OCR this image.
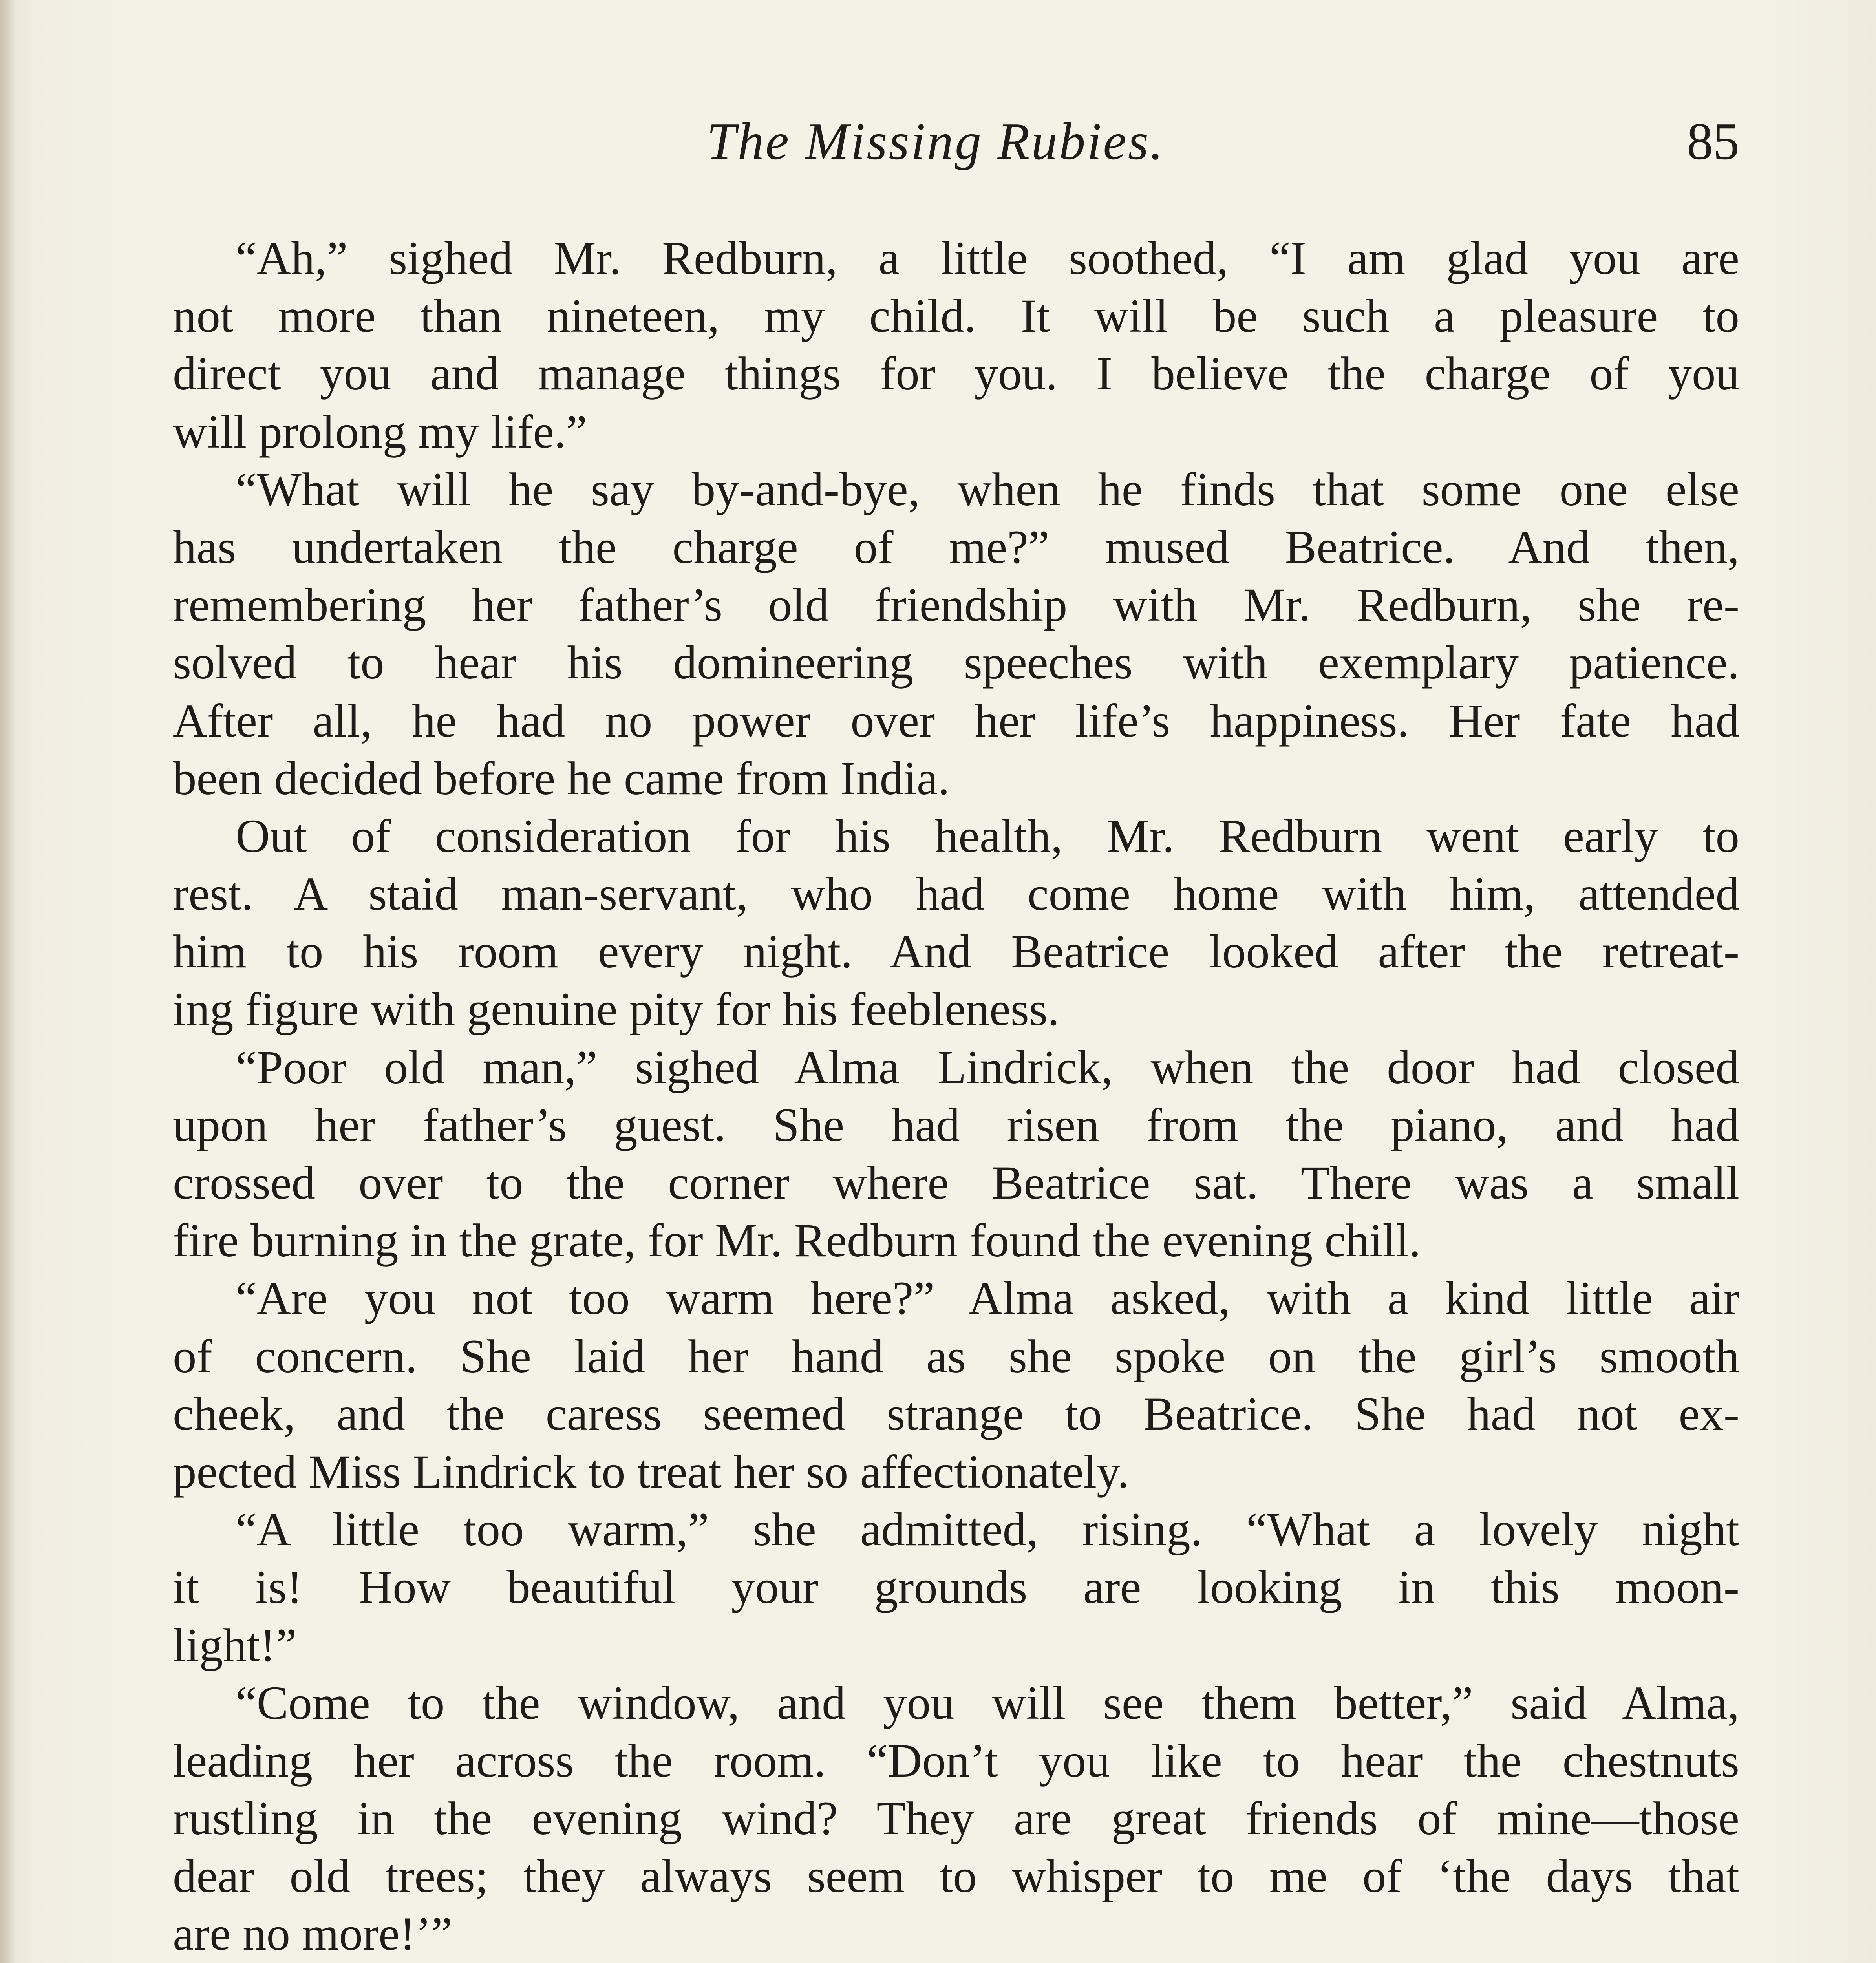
The Missing Rubies.	85
“Ah,” sighed Mr. Redburn, a little soothed, “I am glad you are
not more than nineteen, my child. It will be such a pleasure to
direct you and manage things for you. I believe the charge of you
will prolong my life.”
“What will he say by-and-bye, when he finds that some one else
has undertaken the charge of me?” mused Beatrice. And then,
remembering her father’s old friendship with Mr. Redburn, she re-
solved to hear his domineering speeches with exemplary patience.
After all, he had no power over her life’s happiness. Her fate had
been decided before he came from India.
Out of consideration for his health, Mr. Redburn went early to
rest. A staid man-servant, who had come home with him, attended
him to his room every night. And Beatrice looked after the retreat-
ing figure with genuine pity for his feebleness.
“Poor old man,” sighed Alma Lindrick, when the door had closed
upon her father’s guest. She had risen from the piano, and had
crossed over to the corner where Beatrice sat. There was a small
fire burning in the grate, for Mr. Redburn found the evening chill.
“Are you not too warm here?” Alma asked, with a kind little air
of concern. She laid her hand as she spoke on the girl’s smooth
cheek, and the caress seemed strange to Beatrice. She had not ex-
pected Miss Lindrick to treat her so affectionately.
“A little too warm,” she admitted, rising. “What a lovely night
it is! How beautiful your grounds are looking in this moon-
light!”
“Come to the window, and you will see them better,” said Alma,
leading her across the room. “Don’t you like to hear the chestnuts
rustling in the evening wind? They are great friends of mine—those
dear old trees; they always seem to whisper to me of ‘the days that
are no more!’”
